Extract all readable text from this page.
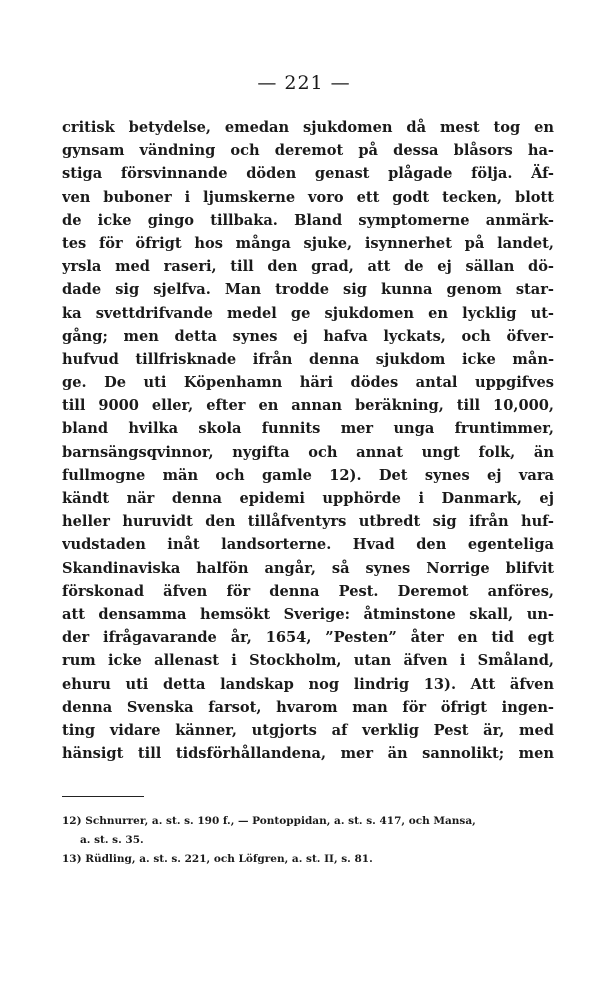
— 221 —
critisk betydelse, emedan sjukdomen då mest tog en
gynsam vändning och deremot på dessa blåsors ha-
stiga försvinnande döden genast plågade följa. Äf-
ven buboner i ljumskerne voro ett godt tecken, blott
de icke gingo tillbaka. Bland symptomerne anmärk-
tes för öfrigt hos många sjuke, isynnerhet på landet,
yrsla med raseri, till den grad, att de ej sällan dö-
dade sig sjelfva. Man trodde sig kunna genom star-
ka svettdrifvande medel ge sjukdomen en lycklig ut-
gång; men detta synes ej hafva lyckats, och öfver-
hufvud tillfrisknade ifrån denna sjukdom icke mån-
ge. De uti Köpenhamn häri dödes antal uppgifves
till 9000 eller, efter en annan beräkning, till 10,000,
bland hvilka skola funnits mer unga fruntimmer,
barnsängsqvinnor, nygifta och annat ungt folk, än
fullmogne män och gamle 12). Det synes ej vara
kändt när denna epidemi upphörde i Danmark, ej
heller huruvidt den tillåfventyrs utbredt sig ifrån huf-
vudstaden inåt landsorterne. Hvad den egenteliga
Skandinaviska halfön angår, så synes Norrige blifvit
förskonad äfven för denna Pest. Deremot anföres,
att densamma hemsökt Sverige: åtminstone skall, un-
der ifrågavarande år, 1654, ”Pesten” åter en tid egt
rum icke allenast i Stockholm, utan äfven i Småland,
ehuru uti detta landskap nog lindrig 13). Att äfven
denna Svenska farsot, hvarom man för öfrigt ingen-
ting vidare känner, utgjorts af verklig Pest är, med
hänsigt till tidsförhållandena, mer än sannolikt; men
12) Schnurrer, a. st. s. 190 f., — Pontoppidan, a. st. s. 417, och Mansa,
a. st. s. 35.
13) Rüdling, a. st. s. 221, och Löfgren, a. st. II, s. 81.
